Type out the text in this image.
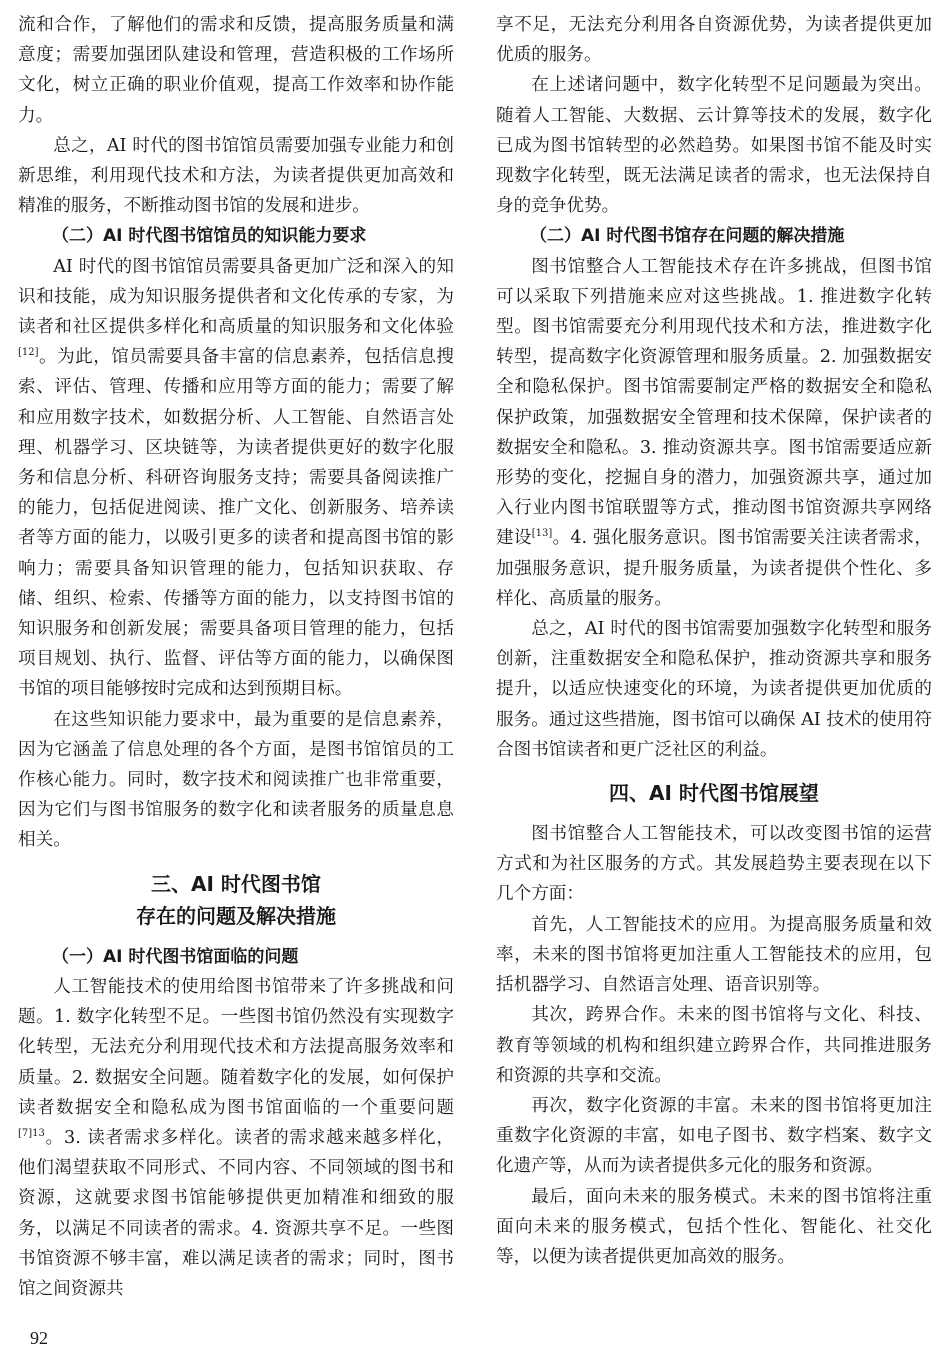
流和合作，了解他们的需求和反馈，提高服务质量和满意度；需要加强团队建设和管理，营造积极的工作场所文化，树立正确的职业价值观，提高工作效率和协作能力。

总之，AI 时代的图书馆馆员需要加强专业能力和创新思维，利用现代技术和方法，为读者提供更加高效和精准的服务，不断推动图书馆的发展和进步。

（二）AI 时代图书馆馆员的知识能力要求

AI 时代的图书馆馆员需要具备更加广泛和深入的知识和技能，成为知识服务提供者和文化传承的专家，为读者和社区提供多样化和高质量的知识服务和文化体验[12]。为此，馆员需要具备丰富的信息素养，包括信息搜索、评估、管理、传播和应用等方面的能力；需要了解和应用数字技术，如数据分析、人工智能、自然语言处理、机器学习、区块链等，为读者提供更好的数字化服务和信息分析、科研咨询服务支持；需要具备阅读推广的能力，包括促进阅读、推广文化、创新服务、培养读者等方面的能力，以吸引更多的读者和提高图书馆的影响力；需要具备知识管理的能力，包括知识获取、存储、组织、检索、传播等方面的能力，以支持图书馆的知识服务和创新发展；需要具备项目管理的能力，包括项目规划、执行、监督、评估等方面的能力，以确保图书馆的项目能够按时完成和达到预期目标。

在这些知识能力要求中，最为重要的是信息素养，因为它涵盖了信息处理的各个方面，是图书馆馆员的工作核心能力。同时，数字技术和阅读推广也非常重要，因为它们与图书馆服务的数字化和读者服务的质量息息相关。

三、AI 时代图书馆
存在的问题及解决措施
（一）AI 时代图书馆面临的问题

人工智能技术的使用给图书馆带来了许多挑战和问题。1. 数字化转型不足。一些图书馆仍然没有实现数字化转型，无法充分利用现代技术和方法提高服务效率和质量。2. 数据安全问题。随着数字化的发展，如何保护读者数据安全和隐私成为图书馆面临的一个重要问题$^{[7]13}$。3. 读者需求多样化。读者的需求越来越多样化，他们渴望获取不同形式、不同内容、不同领域的图书和资源，这就要求图书馆能够提供更加精准和细致的服务，以满足不同读者的需求。4. 资源共享不足。一些图书馆资源不够丰富，难以满足读者的需求；同时，图书馆之间资源共

享不足，无法充分利用各自资源优势，为读者提供更加优质的服务。

在上述诸问题中，数字化转型不足问题最为突出。随着人工智能、大数据、云计算等技术的发展，数字化已成为图书馆转型的必然趋势。如果图书馆不能及时实现数字化转型，既无法满足读者的需求，也无法保持自身的竞争优势。

（二）AI 时代图书馆存在问题的解决措施

图书馆整合人工智能技术存在许多挑战，但图书馆可以采取下列措施来应对这些挑战。1. 推进数字化转型。图书馆需要充分利用现代技术和方法，推进数字化转型，提高数字化资源管理和服务质量。2. 加强数据安全和隐私保护。图书馆需要制定严格的数据安全和隐私保护政策，加强数据安全管理和技术保障，保护读者的数据安全和隐私。3. 推动资源共享。图书馆需要适应新形势的变化，挖掘自身的潜力，加强资源共享，通过加入行业内图书馆联盟等方式，推动图书馆资源共享网络建设[13]。4. 强化服务意识。图书馆需要关注读者需求，加强服务意识，提升服务质量，为读者提供个性化、多样化、高质量的服务。

总之，AI 时代的图书馆需要加强数字化转型和服务创新，注重数据安全和隐私保护，推动资源共享和服务提升，以适应快速变化的环境，为读者提供更加优质的服务。通过这些措施，图书馆可以确保 AI 技术的使用符合图书馆读者和更广泛社区的利益。

四、AI 时代图书馆展望

图书馆整合人工智能技术，可以改变图书馆的运营方式和为社区服务的方式。其发展趋势主要表现在以下几个方面：

首先，人工智能技术的应用。为提高服务质量和效率，未来的图书馆将更加注重人工智能技术的应用，包括机器学习、自然语言处理、语音识别等。

其次，跨界合作。未来的图书馆将与文化、科技、教育等领域的机构和组织建立跨界合作，共同推进服务和资源的共享和交流。

再次，数字化资源的丰富。未来的图书馆将更加注重数字化资源的丰富，如电子图书、数字档案、数字文化遗产等，从而为读者提供多元化的服务和资源。

最后，面向未来的服务模式。未来的图书馆将注重面向未来的服务模式，包括个性化、智能化、社交化等，以便为读者提供更加高效的服务。

92
